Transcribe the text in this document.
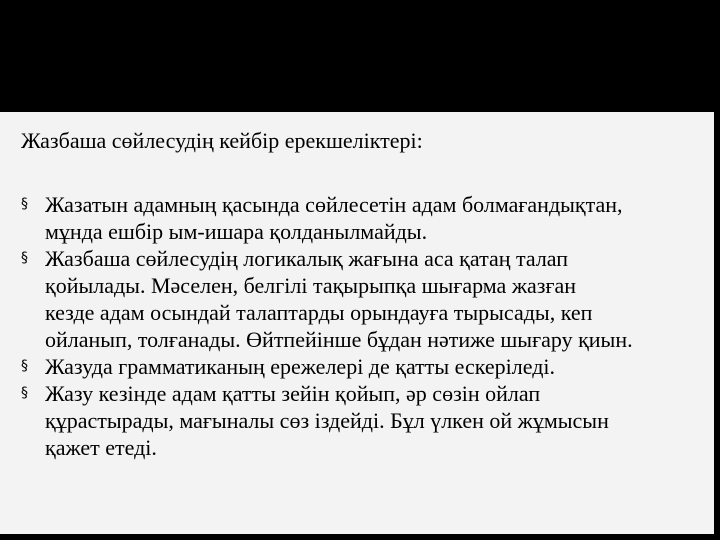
Жазбаша сөйлесудің кейбір ерекшеліктері:
§ Жазатын адамның қасында сөйлесетін адам болмағандықтан,
мұнда ешбір ым-ишара қолданылмайды.
§ Жазбаша сөйлесудің логикалық жағына аса қатаң талап
қойылады. Мәселен, белгілі тақырыпқа шығарма жазған
кезде адам осындай талаптарды орындауға тырысады, кеп
ойланып, толғанады. Өйтпейінше бұдан нәтиже шығару қиын.
§ Жазуда грамматиканың ережелері де қатты ескеріледі.
§ Жазу кезінде адам қатты зейін қойып, әр сөзін ойлап
құрастырады, мағыналы сөз іздейді. Бұл үлкен ой жұмысын
қажет етеді.
